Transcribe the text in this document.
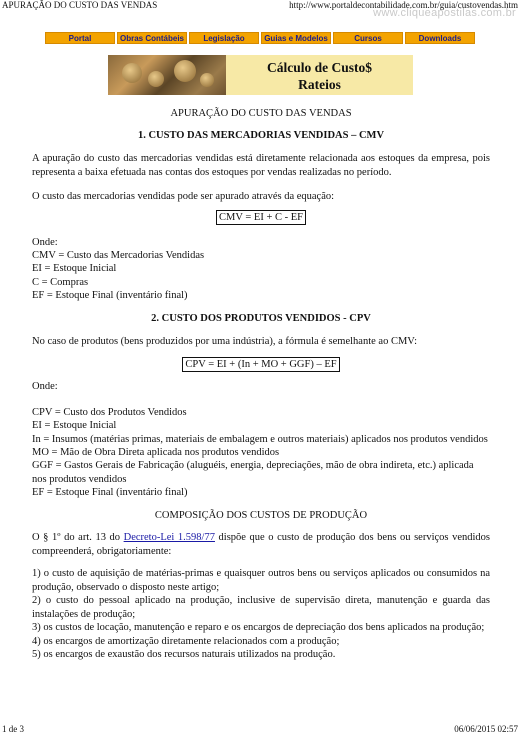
APURAÇÃO DO CUSTO DAS VENDAS	http://www.portaldecontabilidade.com.br/guia/custovendas.htm
www.cliqueapostilas.com.br
Portal	Obras Contábeis	Legislação	Guias e Modelos	Cursos	Downloads
Cálculo de Custo$
Rateios
APURAÇÃO DO CUSTO DAS VENDAS
1. CUSTO DAS MERCADORIAS VENDIDAS – CMV

A apuração do custo das mercadorias vendidas está diretamente relacionada aos estoques da empresa, pois representa a baixa efetuada nas contas dos estoques por vendas realizadas no período.

O custo das mercadorias vendidas pode ser apurado através da equação:

CMV = EI + C - EF

Onde:

CMV = Custo das Mercadorias Vendidas
EI = Estoque Inicial
C = Compras
EF = Estoque Final (inventário final)
2. CUSTO DOS PRODUTOS VENDIDOS - CPV

No caso de produtos (bens produzidos por uma indústria), a fórmula é semelhante ao CMV:

CPV = EI + (In + MO + GGF) – EF

Onde:

CPV = Custo dos Produtos Vendidos
EI = Estoque Inicial
In = Insumos (matérias primas, materiais de embalagem e outros materiais) aplicados nos produtos vendidos
MO = Mão de Obra Direta aplicada nos produtos vendidos
GGF = Gastos Gerais de Fabricação (aluguéis, energia, depreciações, mão de obra indireta, etc.) aplicada nos produtos vendidos
EF = Estoque Final (inventário final)
COMPOSIÇÃO DOS CUSTOS DE PRODUÇÃO

O § 1º do art. 13 do Decreto-Lei 1.598/77 dispõe que o custo de produção dos bens ou serviços vendidos compreenderá, obrigatoriamente:

1) o custo de aquisição de matérias-primas e quaisquer outros bens ou serviços aplicados ou consumidos na produção, observado o disposto neste artigo;

2) o custo do pessoal aplicado na produção, inclusive de supervisão direta, manutenção e guarda das instalações de produção;

3) os custos de locação, manutenção e reparo e os encargos de depreciação dos bens aplicados na produção;

4) os encargos de amortização diretamente relacionados com a produção;

5) os encargos de exaustão dos recursos naturais utilizados na produção.

1 de 3	06/06/2015 02:57
